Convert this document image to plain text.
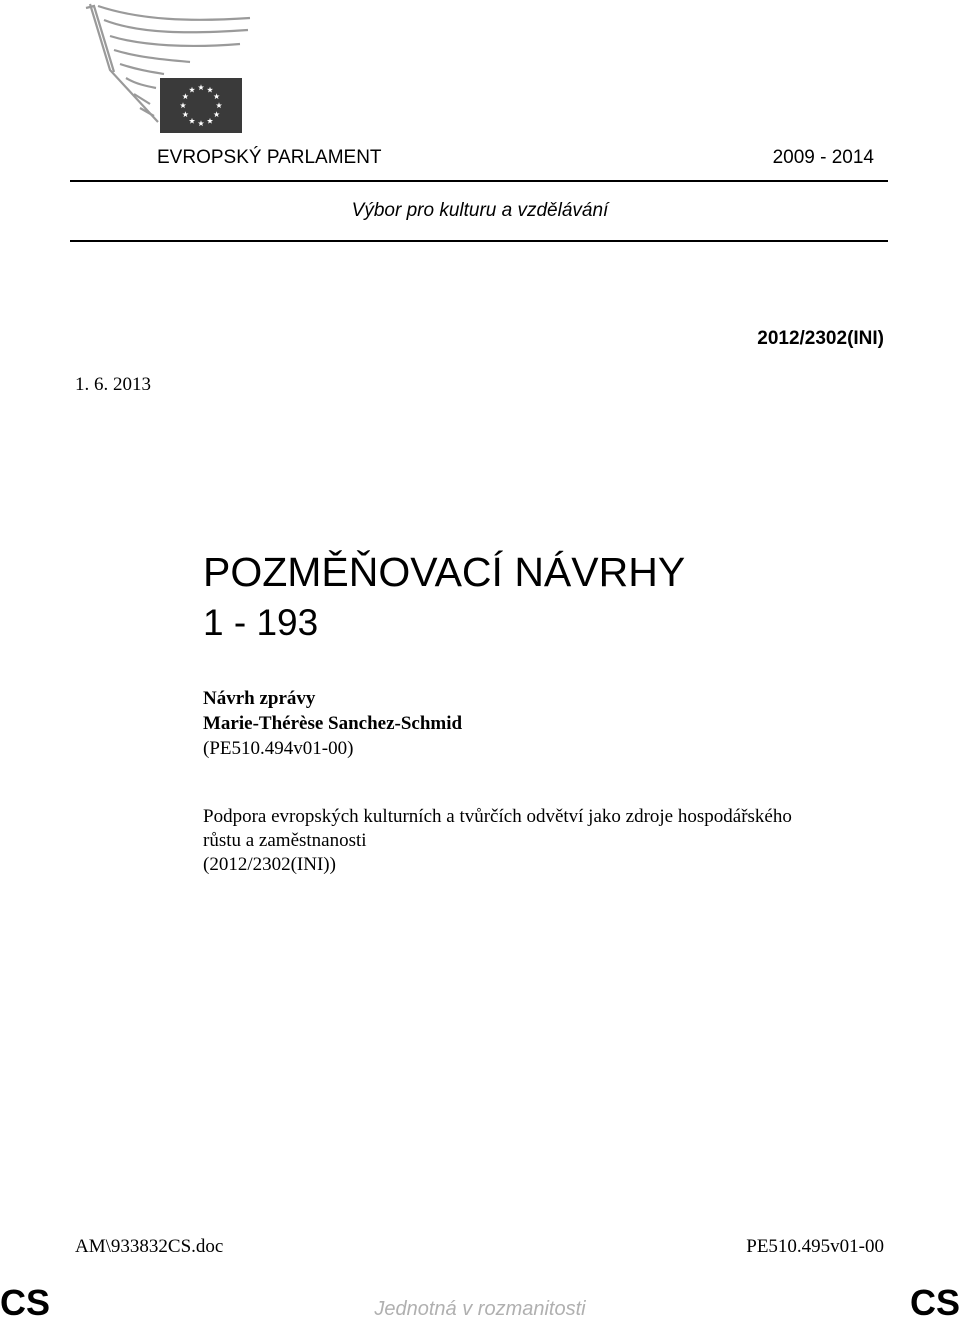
EVROPSKÝ PARLAMENT	2009 - 2014
Výbor pro kulturu a vzdělávání
2012/2302(INI)
1. 6. 2013
POZMĚŇOVACÍ NÁVRHY
1 - 193
Návrh zprávy
Marie-Thérèse Sanchez-Schmid
(PE510.494v01-00)
Podpora evropských kulturních a tvůrčích odvětví jako zdroje hospodářského
růstu a zaměstnanosti
(2012/2302(INI))
AM\933832CS.doc	PE510.495v01-00
CS	CS
Jednotná v rozmanitosti
